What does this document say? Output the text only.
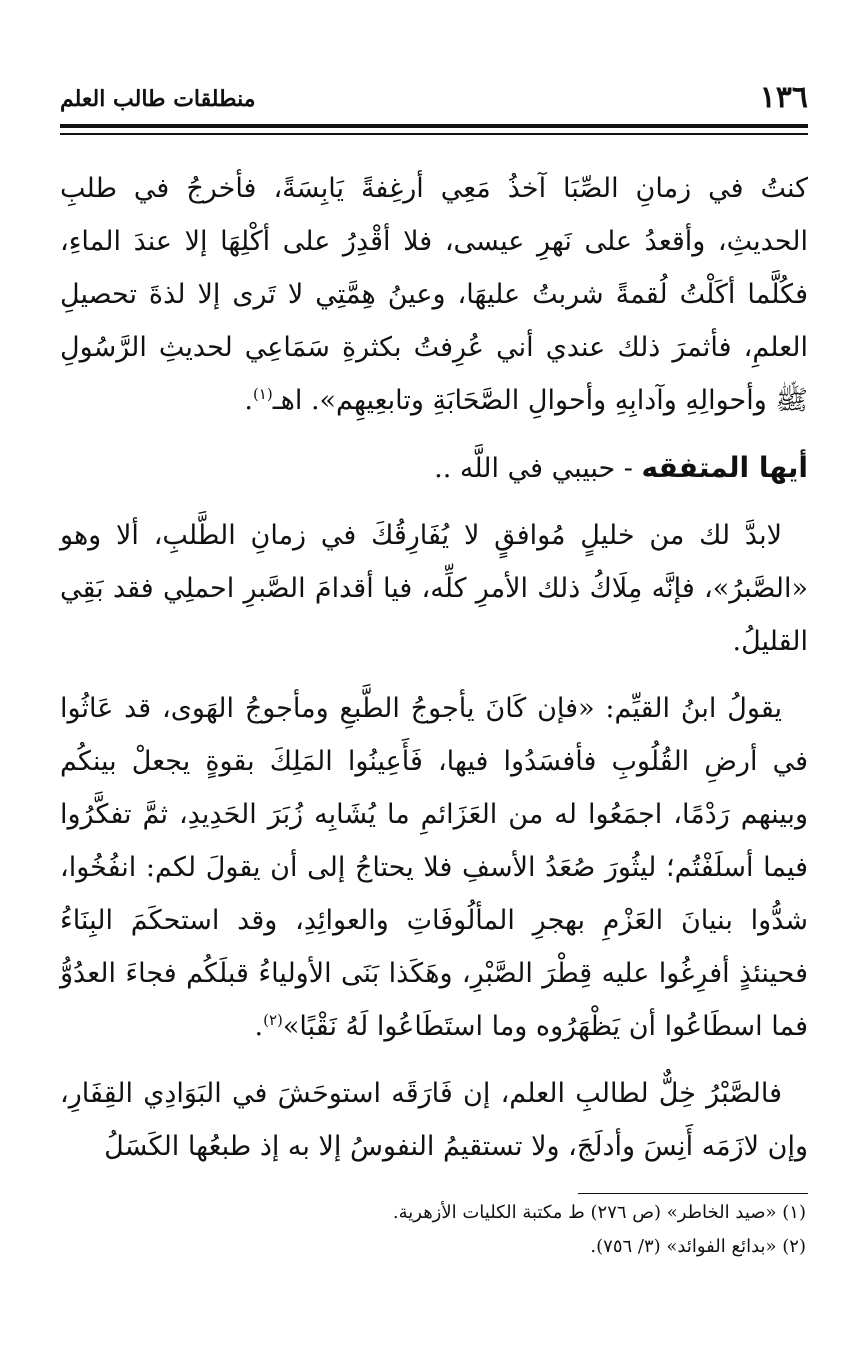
١٣٦
منطلقات طالب العلم

كنتُ في زمانِ الصِّبَا آخذُ مَعِي أرغِفةً يَابِسَةً، فأخرجُ في طلبِ الحديثِ، وأقعدُ على نَهرِ عيسى، فلا أقْدِرُ على أكْلِهَا إلا عندَ الماءِ، فكُلَّما أكَلْتُ لُقمةً شربتُ عليهَا، وعينُ هِمَّتِي لا تَرى إلا لذةَ تحصيلِ العلمِ، فأثمرَ ذلك عندي أني عُرِفتُ بكثرةِ سَمَاعِي لحديثِ الرَّسُولِ ﷺ وأحوالِهِ وآدابِهِ وأحوالِ الصَّحَابَةِ وتابعِيهِم». اهـ$^{(١)}$.

أيها المتفقه - حبيبي في اللَّه ..

لابدَّ لك من خليلٍ مُوافقٍ لا يُفَارِقُكَ في زمانِ الطَّلبِ، ألا وهو «الصَّبرُ»، فإنَّه مِلَاكُ ذلك الأمرِ كلِّه، فيا أقدامَ الصَّبرِ احملِي فقد بَقِي القليلُ.

يقولُ ابنُ القيِّم: «فإن كَانَ يأجوجُ الطَّبعِ ومأجوجُ الهَوى، قد عَاثُوا في أرضِ القُلُوبِ فأفسَدُوا فيها، فَأَعِينُوا المَلِكَ بقوةٍ يجعلْ بينكُم وبينهم رَدْمًا، اجمَعُوا له من العَزَائمِ ما يُشَابِه زُبَرَ الحَدِيدِ، ثمَّ تفكَّرُوا فيما أسلَفْتُم؛ ليثُورَ صُعَدُ الأسفِ فلا يحتاجُ إلى أن يقولَ لكم: انفُخُوا، شدُّوا بنيانَ العَزْمِ بهجرِ المألُوفَاتِ والعوائِدِ، وقد استحكَمَ البِنَاءُ فحينئذٍ أفرِغُوا عليه قِطْرَ الصَّبْرِ، وهَكَذا بَنَى الأولياءُ قبلَكُم فجاءَ العدُوُّ فما اسطَاعُوا أن يَظْهَرُوه وما استَطَاعُوا لَهُ نَقْبًا»$^{(٢)}$.

فالصَّبْرُ خِلٌّ لطالبِ العلم، إن فَارَقَه استوحَشَ في البَوَادِي القِفَارِ، وإن لازَمَه أَنِسَ وأدلَجَ، ولا تستقيمُ النفوسُ إلا به إذ طبعُها الكَسَلُ

(١) «صيد الخاطر» (ص ٢٧٦) ط مكتبة الكليات الأزهرية.

(٢) «بدائع الفوائد» (٣/ ٧٥٦).
